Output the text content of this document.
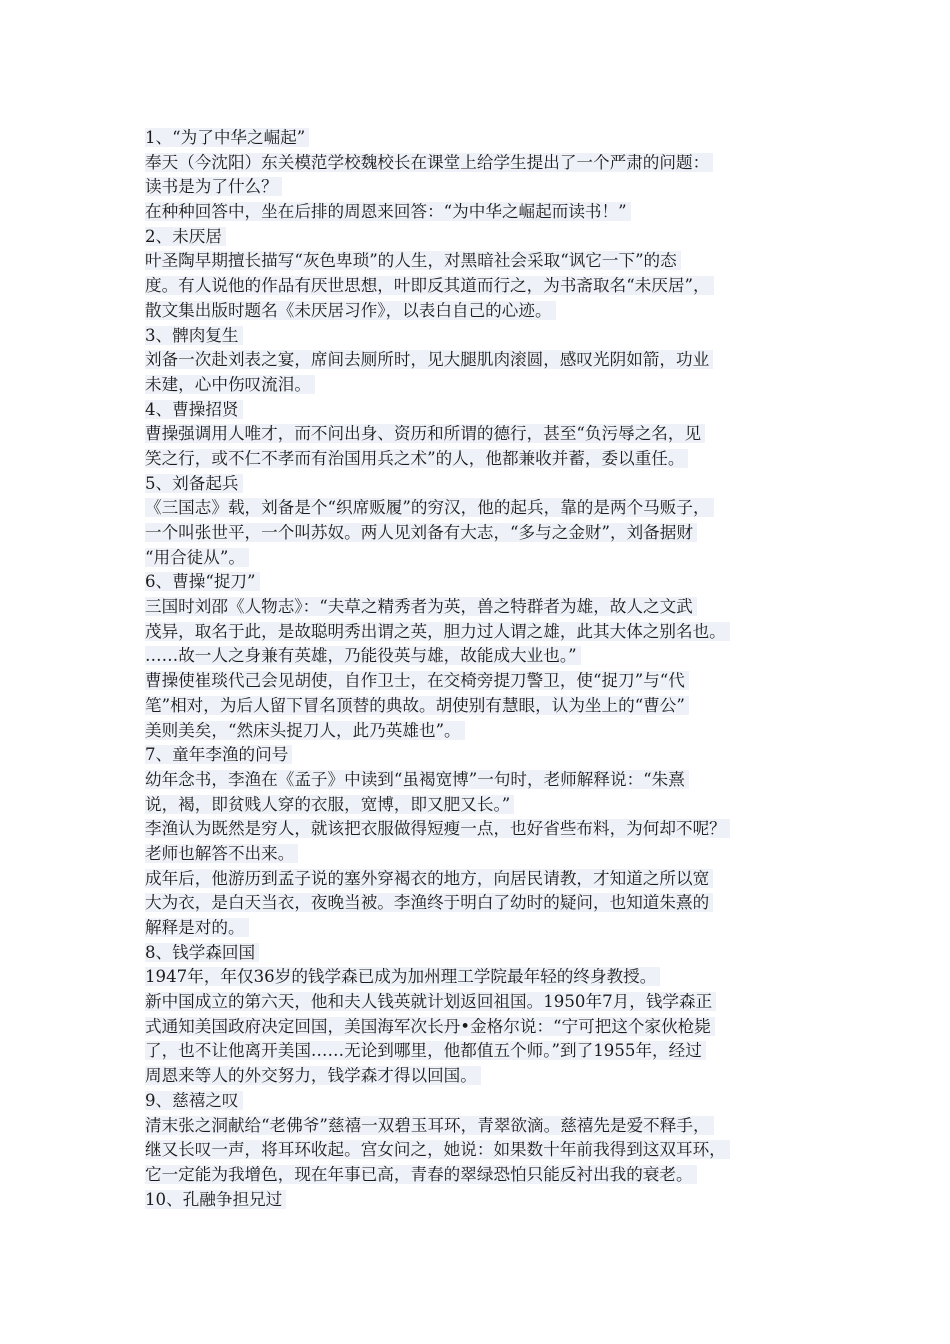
1、“为了中华之崛起”
奉天（今沈阳）东关模范学校魏校长在课堂上给学生提出了一个严肃的问题：
读书是为了什么？
在种种回答中，坐在后排的周恩来回答：“为中华之崛起而读书！”
2、未厌居
叶圣陶早期擅长描写“灰色卑琐”的人生，对黑暗社会采取“讽它一下”的态
度。有人说他的作品有厌世思想，叶即反其道而行之，为书斋取名“未厌居”，
散文集出版时题名《未厌居习作》，以表白自己的心迹。
3、髀肉复生
刘备一次赴刘表之宴，席间去厕所时，见大腿肌肉滚圆，感叹光阴如箭，功业
未建，心中伤叹流泪。
4、曹操招贤
曹操强调用人唯才，而不问出身、资历和所谓的德行，甚至“负污辱之名，见
笑之行，或不仁不孝而有治国用兵之术”的人，他都兼收并蓄，委以重任。
5、刘备起兵
《三国志》载，刘备是个“织席贩履”的穷汉，他的起兵，靠的是两个马贩子，
一个叫张世平，一个叫苏奴。两人见刘备有大志，“多与之金财”，刘备据财
“用合徒从”。
6、曹操“捉刀”
三国时刘邵《人物志》：“夫草之精秀者为英，兽之特群者为雄，故人之文武
茂异，取名于此，是故聪明秀出谓之英，胆力过人谓之雄，此其大体之别名也。
……故一人之身兼有英雄，乃能役英与雄，故能成大业也。”
曹操使崔琰代己会见胡使，自作卫士，在交椅旁提刀警卫，使“捉刀”与“代
笔”相对，为后人留下冒名顶替的典故。胡使别有慧眼，认为坐上的“曹公”
美则美矣，“然床头捉刀人，此乃英雄也”。
7、童年李渔的问号
幼年念书，李渔在《孟子》中读到“虽褐宽博”一句时，老师解释说：“朱熹
说，褐，即贫贱人穿的衣服，宽博，即又肥又长。”
李渔认为既然是穷人，就该把衣服做得短瘦一点，也好省些布料，为何却不呢？
老师也解答不出来。
成年后，他游历到孟子说的塞外穿褐衣的地方，向居民请教，才知道之所以宽
大为衣，是白天当衣，夜晚当被。李渔终于明白了幼时的疑问，也知道朱熹的
解释是对的。
8、钱学森回国
1947年，年仅36岁的钱学森已成为加州理工学院最年轻的终身教授。
新中国成立的第六天，他和夫人钱英就计划返回祖国。1950年7月，钱学森正
式通知美国政府决定回国，美国海军次长丹•金格尔说：“宁可把这个家伙枪毙
了，也不让他离开美国……无论到哪里，他都值五个师。”到了1955年，经过
周恩来等人的外交努力，钱学森才得以回国。
9、慈禧之叹
清末张之洞献给“老佛爷”慈禧一双碧玉耳环，青翠欲滴。慈禧先是爱不释手，
继又长叹一声，将耳环收起。宫女问之，她说：如果数十年前我得到这双耳环，
它一定能为我增色，现在年事已高，青春的翠绿恐怕只能反衬出我的衰老。
10、孔融争担兄过
